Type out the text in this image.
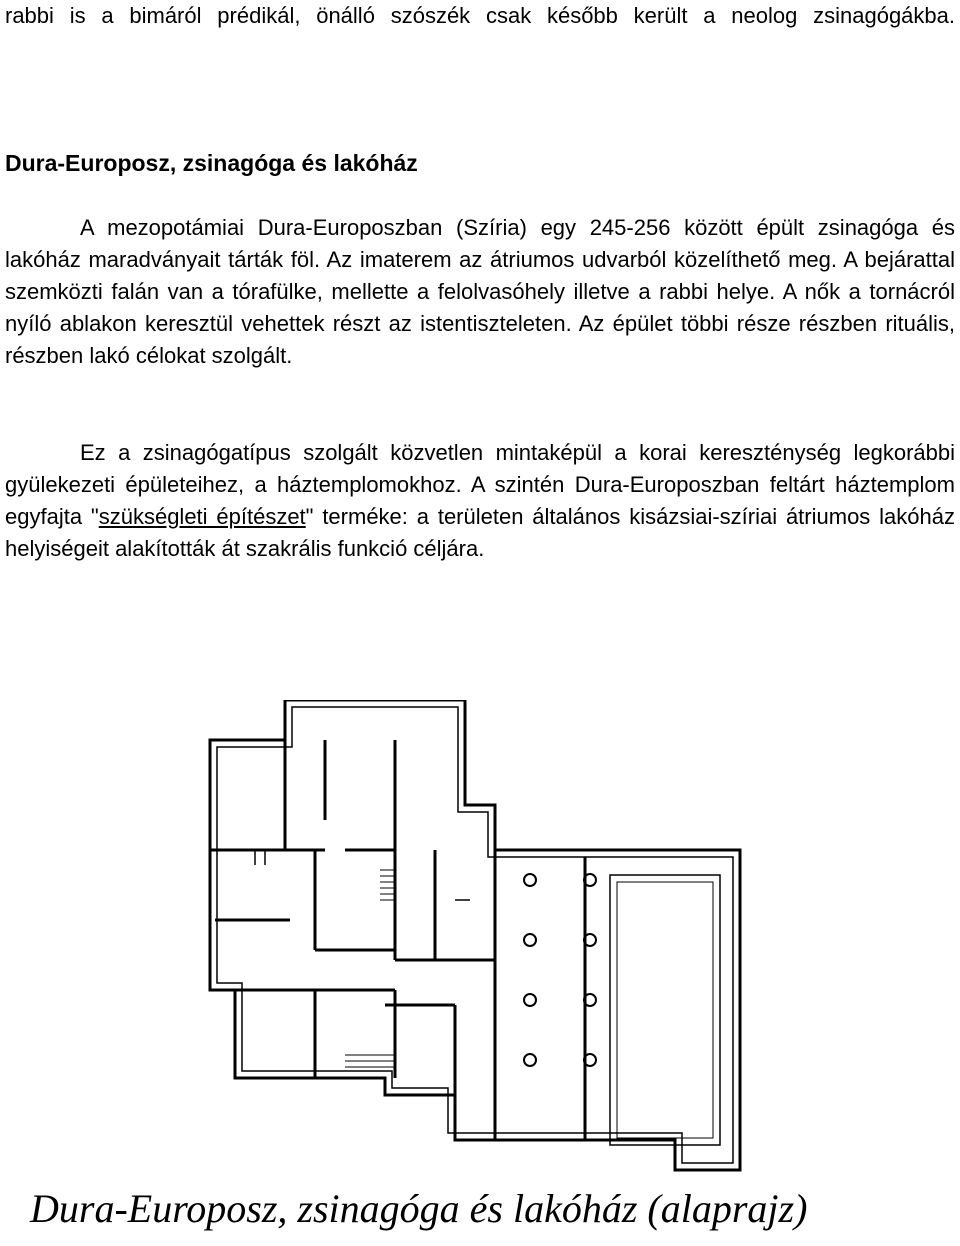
rabbi is a bimáról prédikál, önálló szószék csak később került a neolog zsinagógákba.
Dura-Europosz, zsinagóga és lakóház
A mezopotámiai Dura-Europoszban (Szíria) egy 245-256 között épült zsinagóga és lakóház maradványait tárták föl. Az imaterem az átriumos udvarból közelíthető meg. A bejárattal szemközti falán van a tórafülke, mellette a felolvasóhely illetve a rabbi helye. A nők a tornácról nyíló ablakon keresztül vehettek részt az istentiszteleten. Az épület többi része részben rituális, részben lakó célokat szolgált.
Ez a zsinagógatípus szolgált közvetlen mintaképül a korai kereszténység legkorábbi gyülekezeti épületeihez, a háztemplomokhoz. A szintén Dura-Europoszban feltárt háztemplom egyfajta "szükségleti építészet" terméke: a területen általános kisázsiai-szíriai átriumos lakóház helyiségeit alakították át szakrális funkció céljára.
Dura-Europosz, zsinagóga és lakóház (alaprajz)
